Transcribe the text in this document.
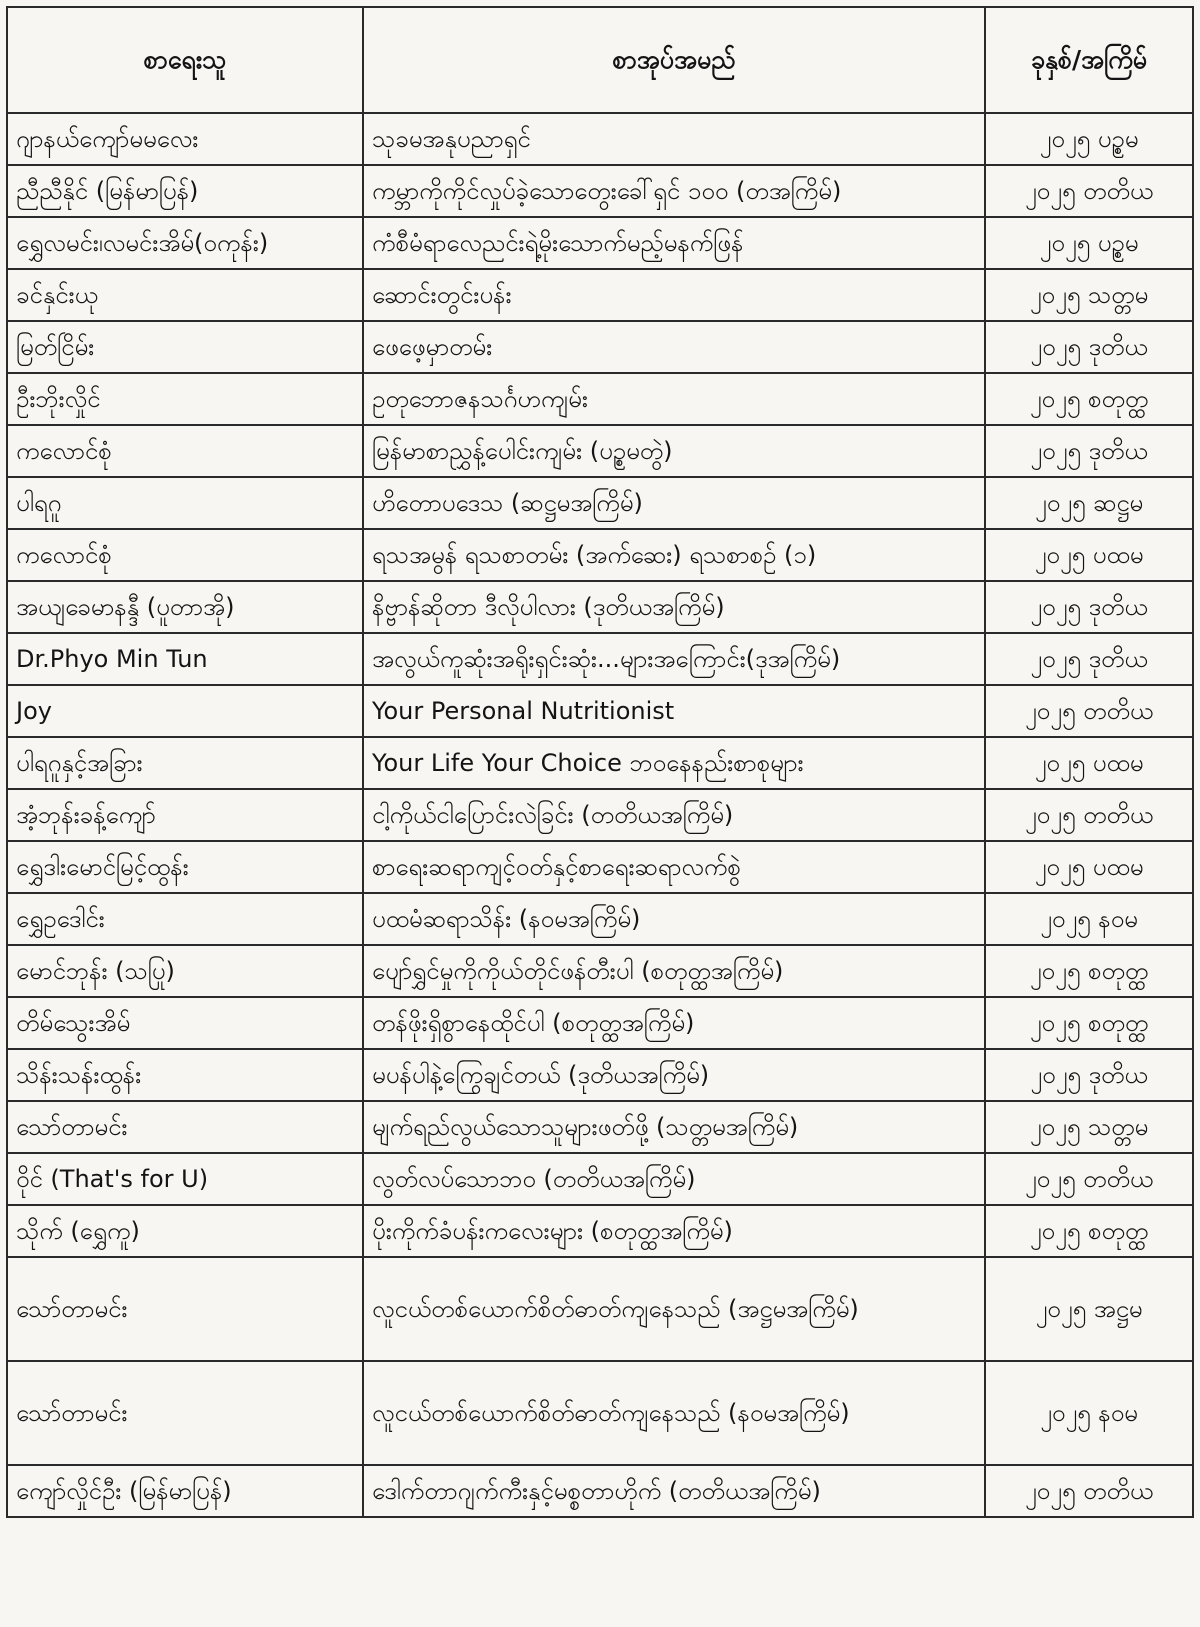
စာရေးသူ	စာအုပ်အမည်	ခုနှစ်/အကြိမ်
ဂျာနယ်ကျော်မမလေး	သုခမအနုပညာရှင်	၂၀၂၅ ပဉ္စမ
ညီညီနိုင် (မြန်မာပြန်)	ကမ္ဘာကိုကိုင်လှုပ်ခဲ့သောတွေးခေါ်ရှင် ၁၀၀ (တအကြိမ်)	၂၀၂၅ တတိယ
ရွှေလမင်း၊လမင်းအိမ်(ဝကုန်း)	ကံစီမံရာလေညင်းရဲ့မိုးသောက်မည့်မနက်ဖြန်	၂၀၂၅ ပဉ္စမ
ခင်နှင်းယု	ဆောင်းတွင်းပန်း	၂၀၂၅ သတ္တမ
မြတ်ငြိမ်း	ဖေဖေ့မှာတမ်း	၂၀၂၅ ဒုတိယ
ဦးဘိုးလှိုင်	ဥတုဘောဇနသင်္ဂဟကျမ်း	၂၀၂၅ စတုတ္ထ
ကလောင်စုံ	မြန်မာစာညွှန့်ပေါင်းကျမ်း (ပဉ္စမတွဲ)	၂၀၂၅ ဒုတိယ
ပါရဂူ	ဟိတောပဒေသ (ဆဋ္ဌမအကြိမ်)	၂၀၂၅ ဆဋ္ဌမ
ကလောင်စုံ	ရသအမွန် ရသစာတမ်း (အက်ဆေး) ရသစာစဉ် (၁)	၂၀၂၅ ပထမ
အယျခေမာနန္ဒီ (ပူတာအို)	နိဗ္ဗာန်ဆိုတာ ဒီလိုပါလား (ဒုတိယအကြိမ်)	၂၀၂၅ ဒုတိယ
Dr.Phyo Min Tun	အလွယ်ကူဆုံးအရိုးရှင်းဆုံး...များအကြောင်း(ဒုအကြိမ်)	၂၀၂၅ ဒုတိယ
Joy	Your Personal Nutritionist	၂၀၂၅ တတိယ
ပါရဂူနှင့်အခြား	Your Life Your Choice ဘဝနေနည်းစာစုများ	၂၀၂၅ ပထမ
အံ့ဘုန်းခန့်ကျော်	ငါ့ကိုယ်ငါပြောင်းလဲခြင်း (တတိယအကြိမ်)	၂၀၂၅ တတိယ
ရွှေဒါးမောင်မြင့်ထွန်း	စာရေးဆရာကျင့်ဝတ်နှင့်စာရေးဆရာလက်စွဲ	၂၀၂၅ ပထမ
ရွှေဥဒေါင်း	ပထမံဆရာသိန်း (နဝမအကြိမ်)	၂၀၂၅ နဝမ
မောင်ဘုန်း (သပြု)	ပျော်ရွှင်မှုကိုကိုယ်တိုင်ဖန်တီးပါ (စတုတ္ထအကြိမ်)	၂၀၂၅ စတုတ္ထ
တိမ်သွေးအိမ်	တန်ဖိုးရှိစွာနေထိုင်ပါ (စတုတ္ထအကြိမ်)	၂၀၂၅ စတုတ္ထ
သိန်းသန်းထွန်း	မပန်ပါနဲ့ကြွေချင်တယ် (ဒုတိယအကြိမ်)	၂၀၂၅ ဒုတိယ
သော်တာမင်း	မျက်ရည်လွယ်သောသူများဖတ်ဖို့ (သတ္တမအကြိမ်)	၂၀၂၅ သတ္တမ
ဝိုင် (That's for U)	လွတ်လပ်သောဘဝ (တတိယအကြိမ်)	၂၀၂၅ တတိယ
သိုက် (ရွှေကူ)	ပိုးကိုက်ခံပန်းကလေးများ (စတုတ္ထအကြိမ်)	၂၀၂၅ စတုတ္ထ
သော်တာမင်း	လူငယ်တစ်ယောက်စိတ်ဓာတ်ကျနေသည် (အဋ္ဌမအကြိမ်)	၂၀၂၅ အဋ္ဌမ
သော်တာမင်း	လူငယ်တစ်ယောက်စိတ်ဓာတ်ကျနေသည် (နဝမအကြိမ်)	၂၀၂၅ နဝမ
ကျော်လှိုင်ဦး (မြန်မာပြန်)	ဒေါက်တာဂျက်ကီးနှင့်မစ္စတာဟိုက် (တတိယအကြိမ်)	၂၀၂၅ တတိယ
